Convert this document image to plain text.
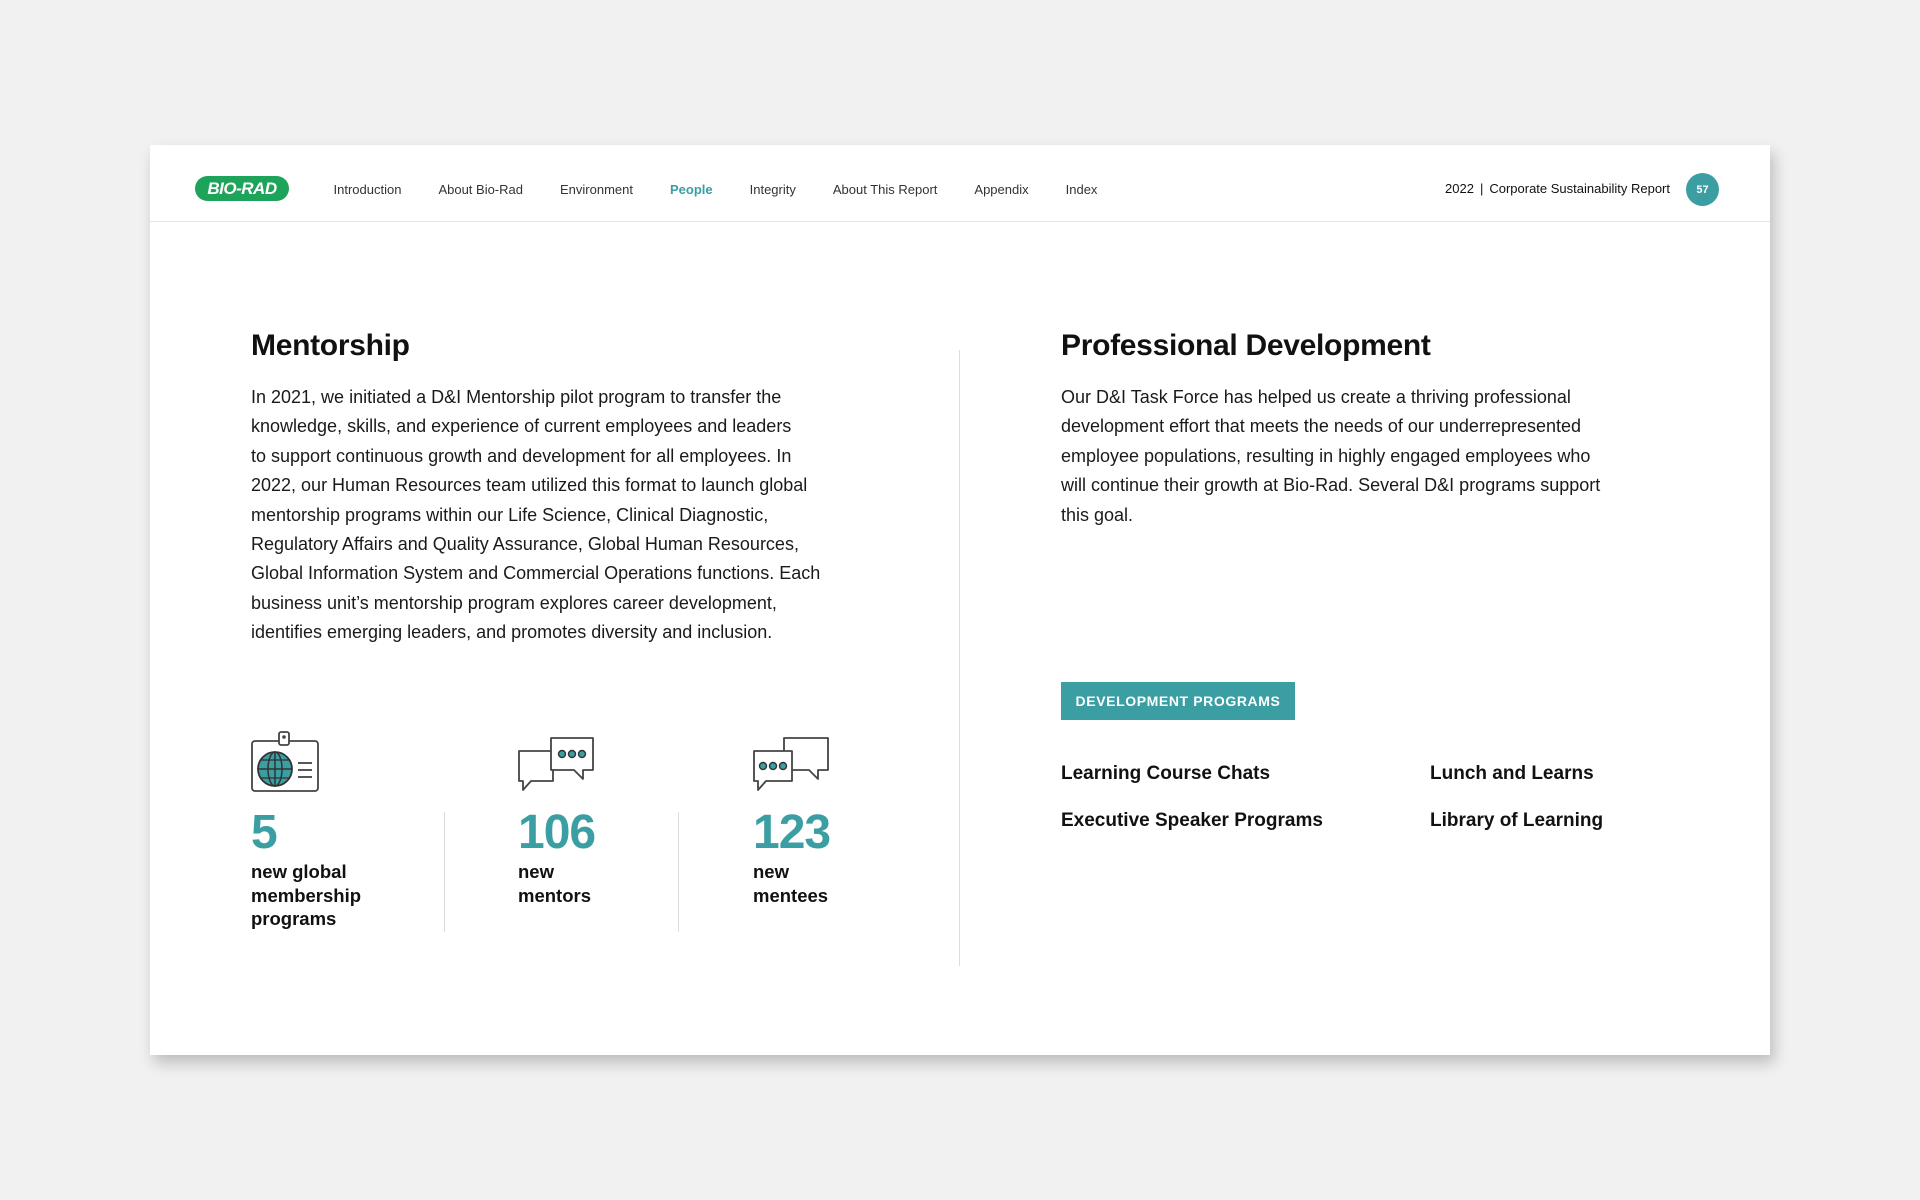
BIO-RAD	Introduction	About Bio-Rad	Environment	People	Integrity	About This Report	Appendix	Index	2022 | Corporate Sustainability Report	57
Mentorship
In 2021, we initiated a D&I Mentorship pilot program to transfer the
knowledge, skills, and experience of current employees and leaders
to support continuous growth and development for all employees. In
2022, our Human Resources team utilized this format to launch global
mentorship programs within our Life Science, Clinical Diagnostic,
Regulatory Affairs and Quality Assurance, Global Human Resources,
Global Information System and Commercial Operations functions. Each
business unit’s mentorship program explores career development,
identifies emerging leaders, and promotes diversity and inclusion.
5
new global
membership
programs
106
new
mentors
123
new
mentees
Professional Development
Our D&I Task Force has helped us create a thriving professional
development effort that meets the needs of our underrepresented
employee populations, resulting in highly engaged employees who
will continue their growth at Bio-Rad. Several D&I programs support
this goal.
DEVELOPMENT PROGRAMS
Learning Course Chats	Lunch and Learns
Executive Speaker Programs	Library of Learning
